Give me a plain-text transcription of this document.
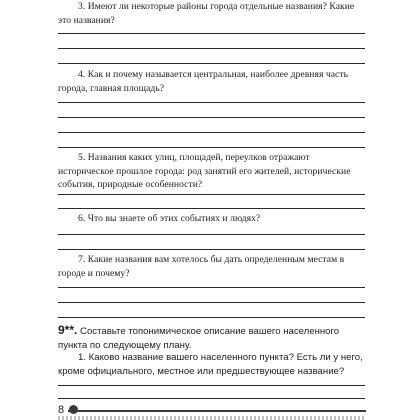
3. Имеют ли некоторые районы города отдельные названия? Какие это названия?
4. Как и почему называется центральная, наиболее древняя часть города, главная площадь?
5. Названия каких улиц, площадей, переулков отражают историческое прошлое города: род занятий его жителей, исторические события, природные особенности?
6. Что вы знаете об этих событиях и людях?
7. Какие названия вам хотелось бы дать определенным местам в городе и почему?
9**. Составьте топонимическое описание вашего населенного пункта по следующему плану.
1. Каково название вашего населенного пункта? Есть ли у него, кроме официального, местное или предшествующее название?
8
